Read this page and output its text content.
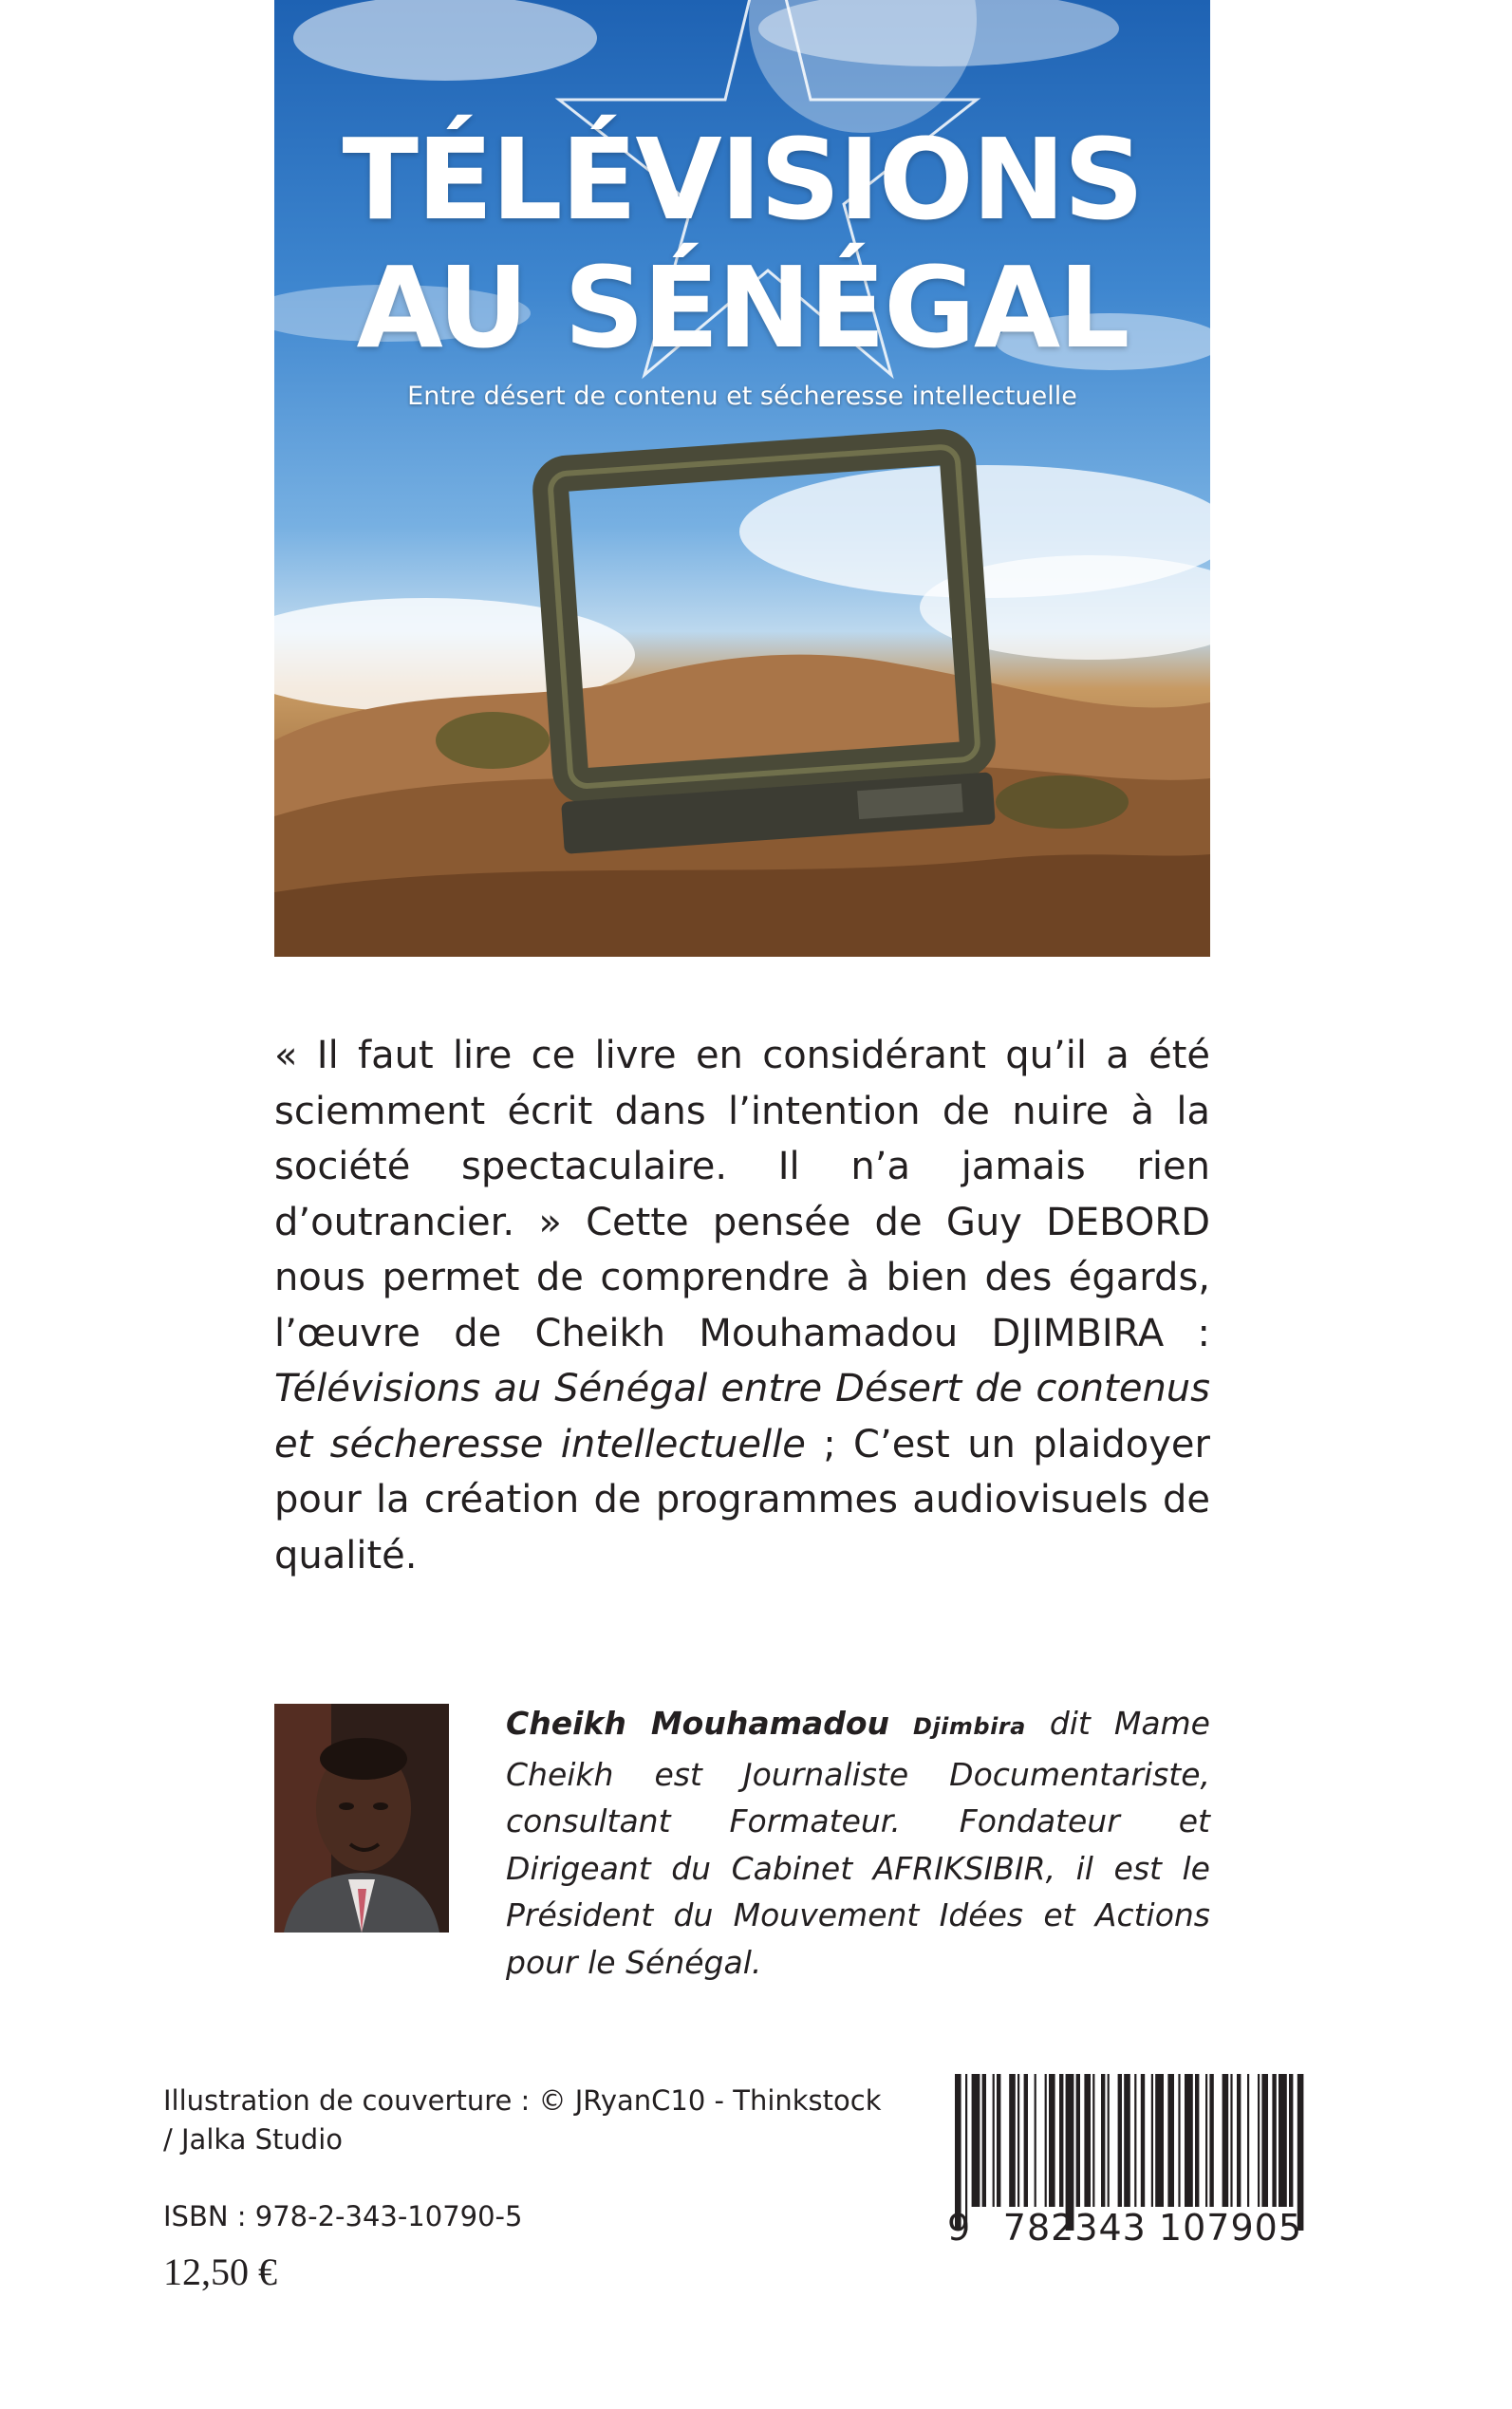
TÉLÉVISIONS
AU SÉNÉGAL
Entre désert de contenu et sécheresse intellectuelle
« Il faut lire ce livre en considérant qu’il a été sciemment écrit dans l’intention de nuire à la société spectaculaire. Il n’a jamais rien d’outrancier. » Cette pensée de Guy DEBORD nous permet de comprendre à bien des égards, l’œuvre de Cheikh Mouhamadou DJIMBIRA : Télévisions au Sénégal entre Désert de contenus et sécheresse intellectuelle ; C’est un plaidoyer pour la création de programmes audiovisuels de qualité.
Cheikh Mouhamadou Djimbira dit Mame Cheikh est Journaliste Documentariste, consultant Formateur. Fondateur et Dirigeant du Cabinet AFRIKSIBIR, il est le Président du Mouvement Idées et Actions pour le Sénégal.
Illustration de couverture : © JRyanC10 - Thinkstock / Jalka Studio
ISBN : 978-2-343-10790-5
12,50 €
9 782343 107905
